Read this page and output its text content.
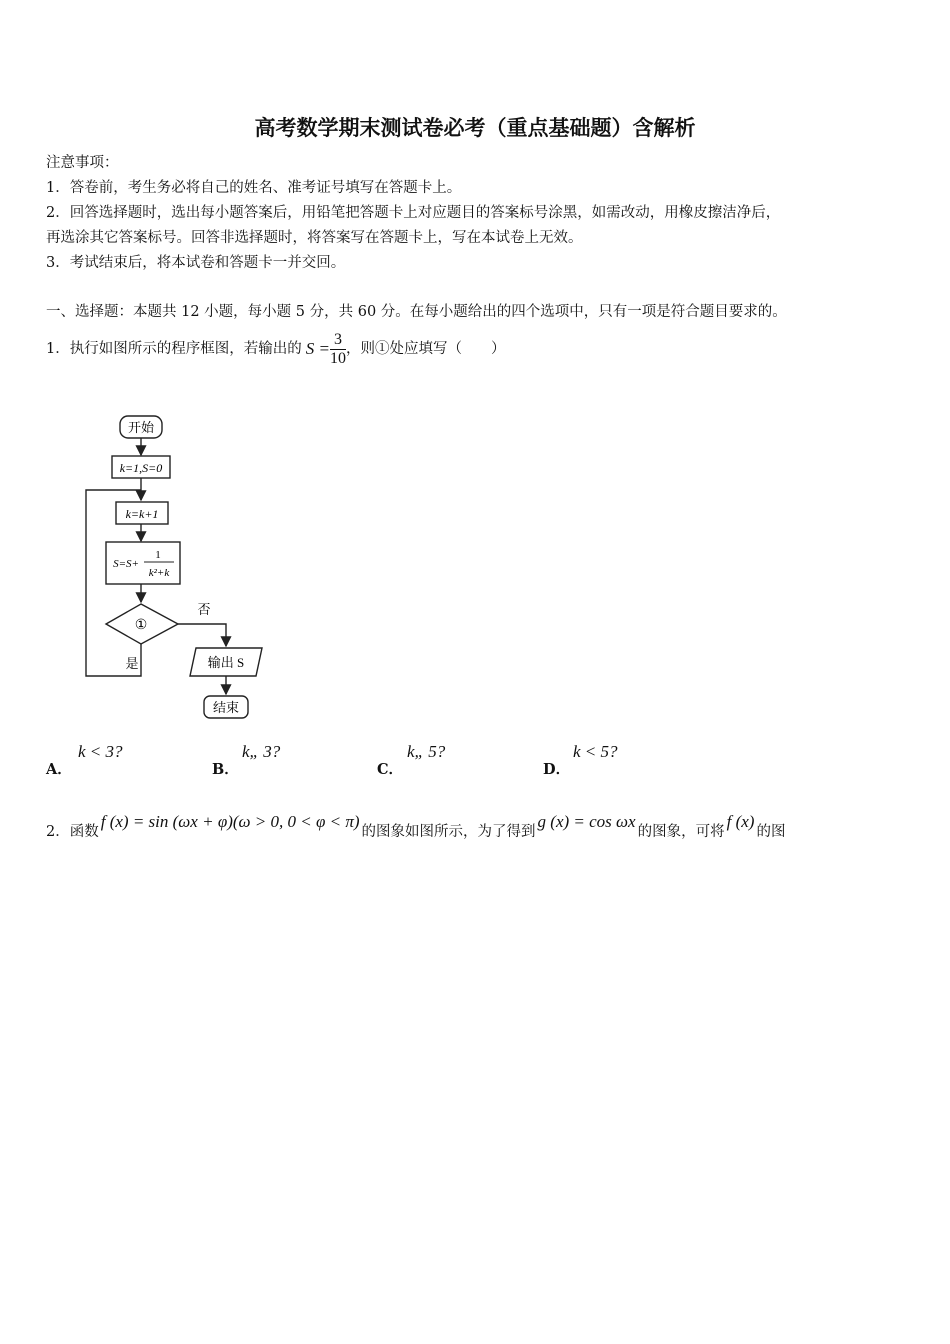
高考数学期末测试卷必考（重点基础题）含解析
注意事项：
1．答卷前，考生务必将自己的姓名、准考证号填写在答题卡上。
2．回答选择题时，选出每小题答案后，用铅笔把答题卡上对应题目的答案标号涂黑，如需改动，用橡皮擦洁净后，
再选涂其它答案标号。回答非选择题时，将答案写在答题卡上，写在本试卷上无效。
3．考试结束后，将本试卷和答题卡一并交回。
一、选择题：本题共 12 小题，每小题 5 分，共 60 分。在每小题给出的四个选项中，只有一项是符合题目要求的。
1．执行如图所示的程序框图，若输出的 $S = \frac{3}{10}$ ，则①处应填写（　　）
开始
k=1,S=0
k=k+1
S=S+
1
k²+k
①
否
是	输出 S
结束
A．
k < 3?
B．
k„ 3?
C．
k„ 5?
D．
k < 5?
2．函数
f (x) = sin (ωx + φ)(ω > 0, 0 < φ < π)
的图象如图所示，为了得到
g (x) = cos ωx
的图象，可将
f (x)
的图
